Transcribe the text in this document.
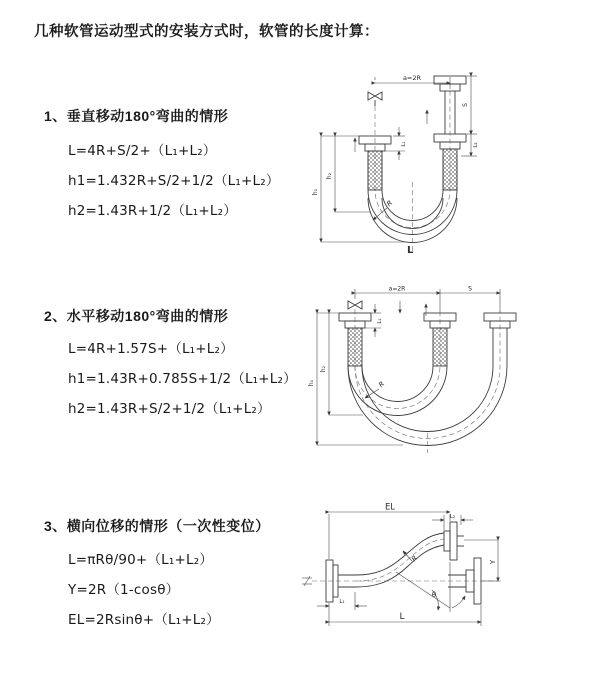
几种软管运动型式的安装方式时，软管的长度计算：
1、垂直移动180°弯曲的情形
L=4R+S/2+（L₁+L₂）
h1=1.432R+S/2+1/2（L₁+L₂）
h2=1.43R+1/2（L₁+L₂）
2、水平移动180°弯曲的情形
L=4R+1.57S+（L₁+L₂）
h1=1.43R+0.785S+1/2（L₁+L₂）
h2=1.43R+S/2+1/2（L₁+L₂）
3、横向位移的情形（一次性变位）
L=πRθ/90+（L₁+L₂）
Y=2R（1-cosθ）
EL=2Rsinθ+（L₁+L₂）
a=2R
L₁
h₁
h₂
S
L₂
R
L
a=2R	S
h₁
h₂
L₁
R
EL
L₂
Y
θ
R
L₁
L
